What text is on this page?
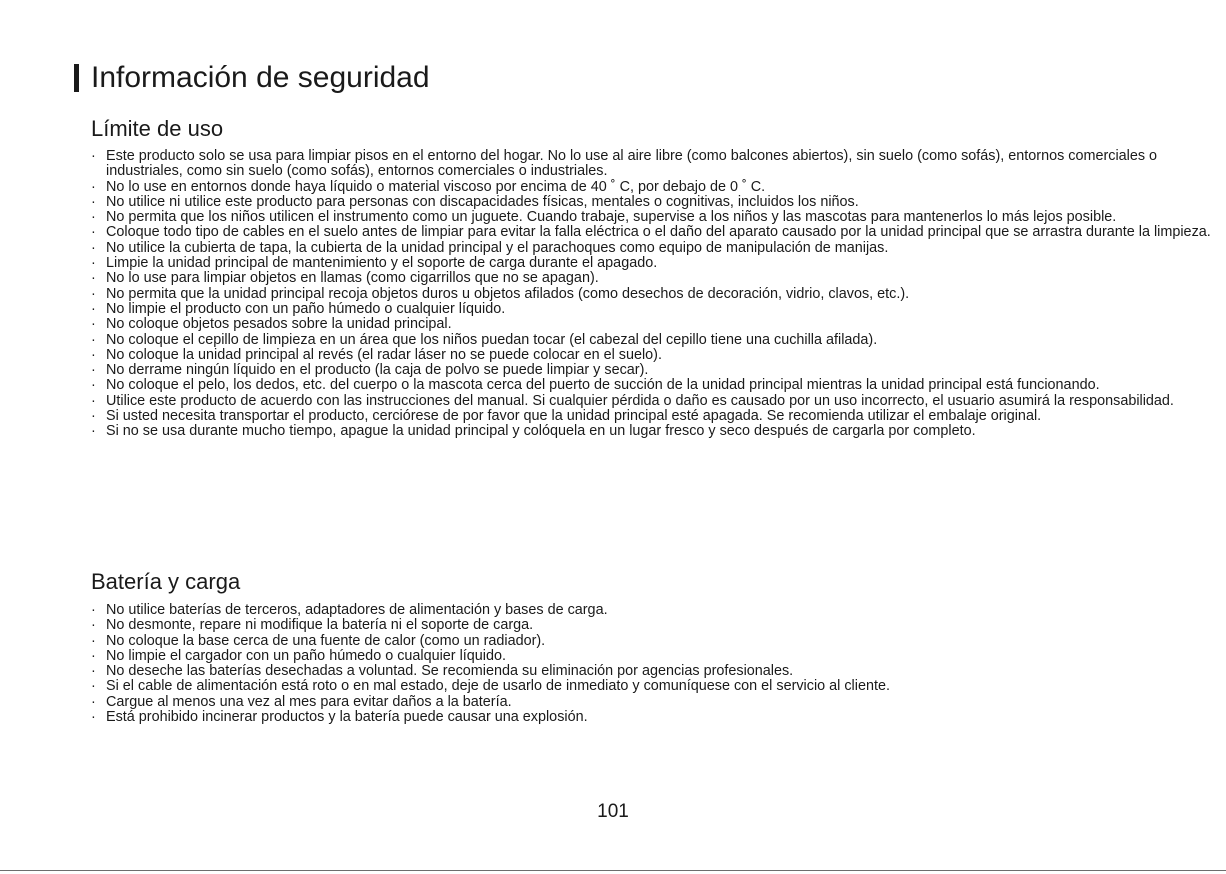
Información de seguridad
Límite de uso
· Este producto solo se usa para limpiar pisos en el entorno del hogar. No lo use al aire libre (como balcones abiertos), sin suelo (como sofás), entornos comerciales o industriales, como sin suelo (como sofás), entornos comerciales o industriales.
· No lo use en entornos donde haya líquido o material viscoso por encima de 40 ˚ C, por debajo de 0 ˚ C.
· No utilice ni utilice este producto para personas con discapacidades físicas, mentales o cognitivas, incluidos los niños.
· No permita que los niños utilicen el instrumento como un juguete. Cuando trabaje, supervise a los niños y las mascotas para mantenerlos lo más lejos posible.
· Coloque todo tipo de cables en el suelo antes de limpiar para evitar la falla eléctrica o el daño del aparato causado por la unidad principal que se arrastra durante la limpieza.
· No utilice la cubierta de tapa, la cubierta de la unidad principal y el parachoques como equipo de manipulación de manijas.
· Limpie la unidad principal de mantenimiento y el soporte de carga durante el apagado.
· No lo use para limpiar objetos en llamas (como cigarrillos que no se apagan).
· No permita que la unidad principal recoja objetos duros u objetos afilados (como desechos de decoración, vidrio, clavos, etc.).
· No limpie el producto con un paño húmedo o cualquier líquido.
· No coloque objetos pesados sobre la unidad principal.
· No coloque el cepillo de limpieza en un área que los niños puedan tocar (el cabezal del cepillo tiene una cuchilla afilada).
· No coloque la unidad principal al revés (el radar láser no se puede colocar en el suelo).
· No derrame ningún líquido en el producto (la caja de polvo se puede limpiar y secar).
· No coloque el pelo, los dedos, etc. del cuerpo o la mascota cerca del puerto de succión de la unidad principal mientras la unidad principal está funcionando.
· Utilice este producto de acuerdo con las instrucciones del manual. Si cualquier pérdida o daño es causado por un uso incorrecto, el usuario asumirá la responsabilidad.
· Si usted necesita transportar el producto, cerciórese de por favor que la unidad principal esté apagada. Se recomienda utilizar el embalaje original.
· Si no se usa durante mucho tiempo, apague la unidad principal y colóquela en un lugar fresco y seco después de cargarla por completo.
Batería y carga
· No utilice baterías de terceros, adaptadores de alimentación y bases de carga.
· No desmonte, repare ni modifique la batería ni el soporte de carga.
· No coloque la base cerca de una fuente de calor (como un radiador).
· No limpie el cargador con un paño húmedo o cualquier líquido.
· No deseche las baterías desechadas a voluntad. Se recomienda su eliminación por agencias profesionales.
· Si el cable de alimentación está roto o en mal estado, deje de usarlo de inmediato y comuníquese con el servicio al cliente.
· Cargue al menos una vez al mes para evitar daños a la batería.
· Está prohibido incinerar productos y la batería puede causar una explosión.
101
